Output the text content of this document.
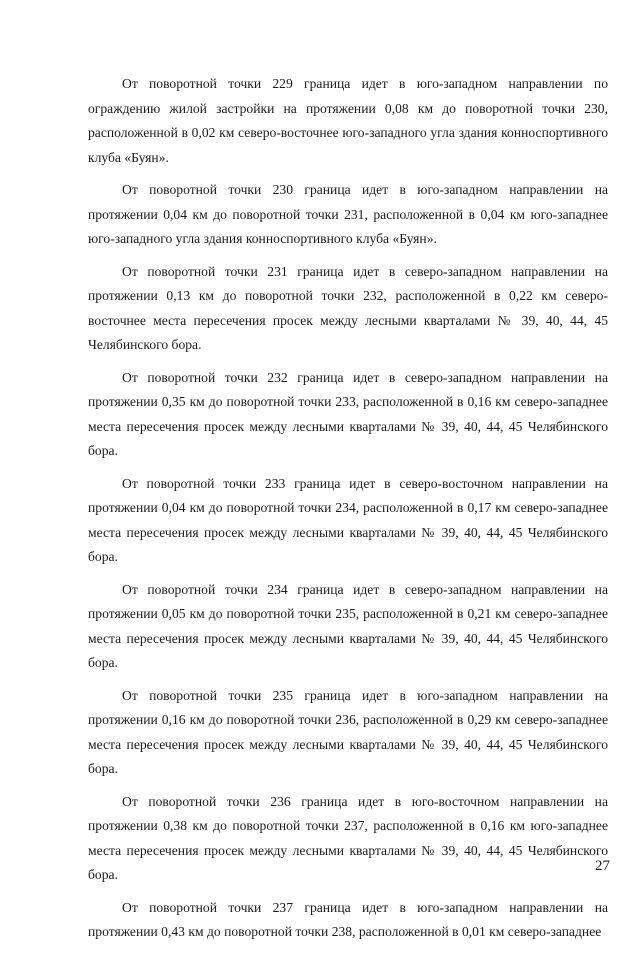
От поворотной точки 229 граница идет в юго-западном направлении по ограждению жилой застройки на протяжении 0,08 км до поворотной точки 230, расположенной в 0,02 км северо-восточнее юго-западного угла здания конноспортивного клуба «Буян».

От поворотной точки 230 граница идет в юго-западном направлении на протяжении 0,04 км до поворотной точки 231, расположенной в 0,04 км юго-западнее юго-западного угла здания конноспортивного клуба «Буян».

От поворотной точки 231 граница идет в северо-западном направлении на протяжении 0,13 км до поворотной точки 232, расположенной в 0,22 км северо-восточнее места пересечения просек между лесными кварталами № 39, 40, 44, 45 Челябинского бора.

От поворотной точки 232 граница идет в северо-западном направлении на протяжении 0,35 км до поворотной точки 233, расположенной в 0,16 км северо-западнее места пересечения просек между лесными кварталами № 39, 40, 44, 45 Челябинского бора.

От поворотной точки 233 граница идет в северо-восточном направлении на протяжении 0,04 км до поворотной точки 234, расположенной в 0,17 км северо-западнее места пересечения просек между лесными кварталами № 39, 40, 44, 45 Челябинского бора.

От поворотной точки 234 граница идет в северо-западном направлении на протяжении 0,05 км до поворотной точки 235, расположенной в 0,21 км северо-западнее места пересечения просек между лесными кварталами № 39, 40, 44, 45 Челябинского бора.

От поворотной точки 235 граница идет в юго-западном направлении на протяжении 0,16 км до поворотной точки 236, расположенной в 0,29 км северо-западнее места пересечения просек между лесными кварталами № 39, 40, 44, 45 Челябинского бора.

От поворотной точки 236 граница идет в юго-восточном направлении на протяжении 0,38 км до поворотной точки 237, расположенной в 0,16 км юго-западнее места пересечения просек между лесными кварталами № 39, 40, 44, 45 Челябинского бора.

От поворотной точки 237 граница идет в юго-западном направлении на протяжении 0,43 км до поворотной точки 238, расположенной в 0,01 км северо-западнее

27
